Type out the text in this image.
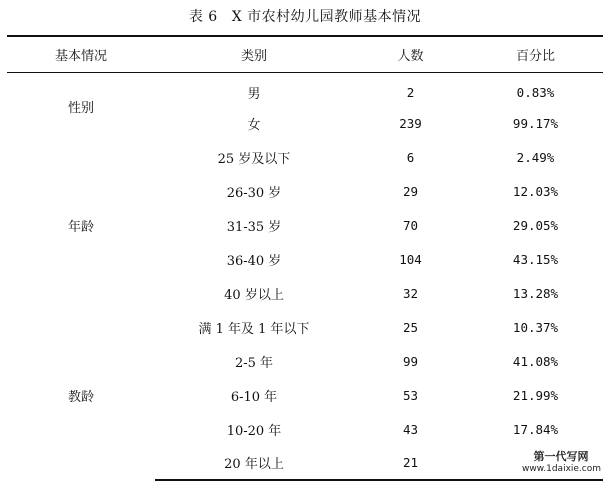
表 6 X 市农村幼儿园教师基本情况
基本情况	类别	人数	百分比
性别	男	2	0.83%
	女	239	99.17%
年龄	25 岁及以下	6	2.49%
	26-30 岁	29	12.03%
	31-35 岁	70	29.05%
	36-40 岁	104	43.15%
	40 岁以上	32	13.28%
教龄	满 1 年及 1 年以下	25	10.37%
	2-5 年	99	41.08%
	6-10 年	53	21.99%
	10-20 年	43	17.84%
	20 年以上	21		第一代写网
www.1daixie.com
